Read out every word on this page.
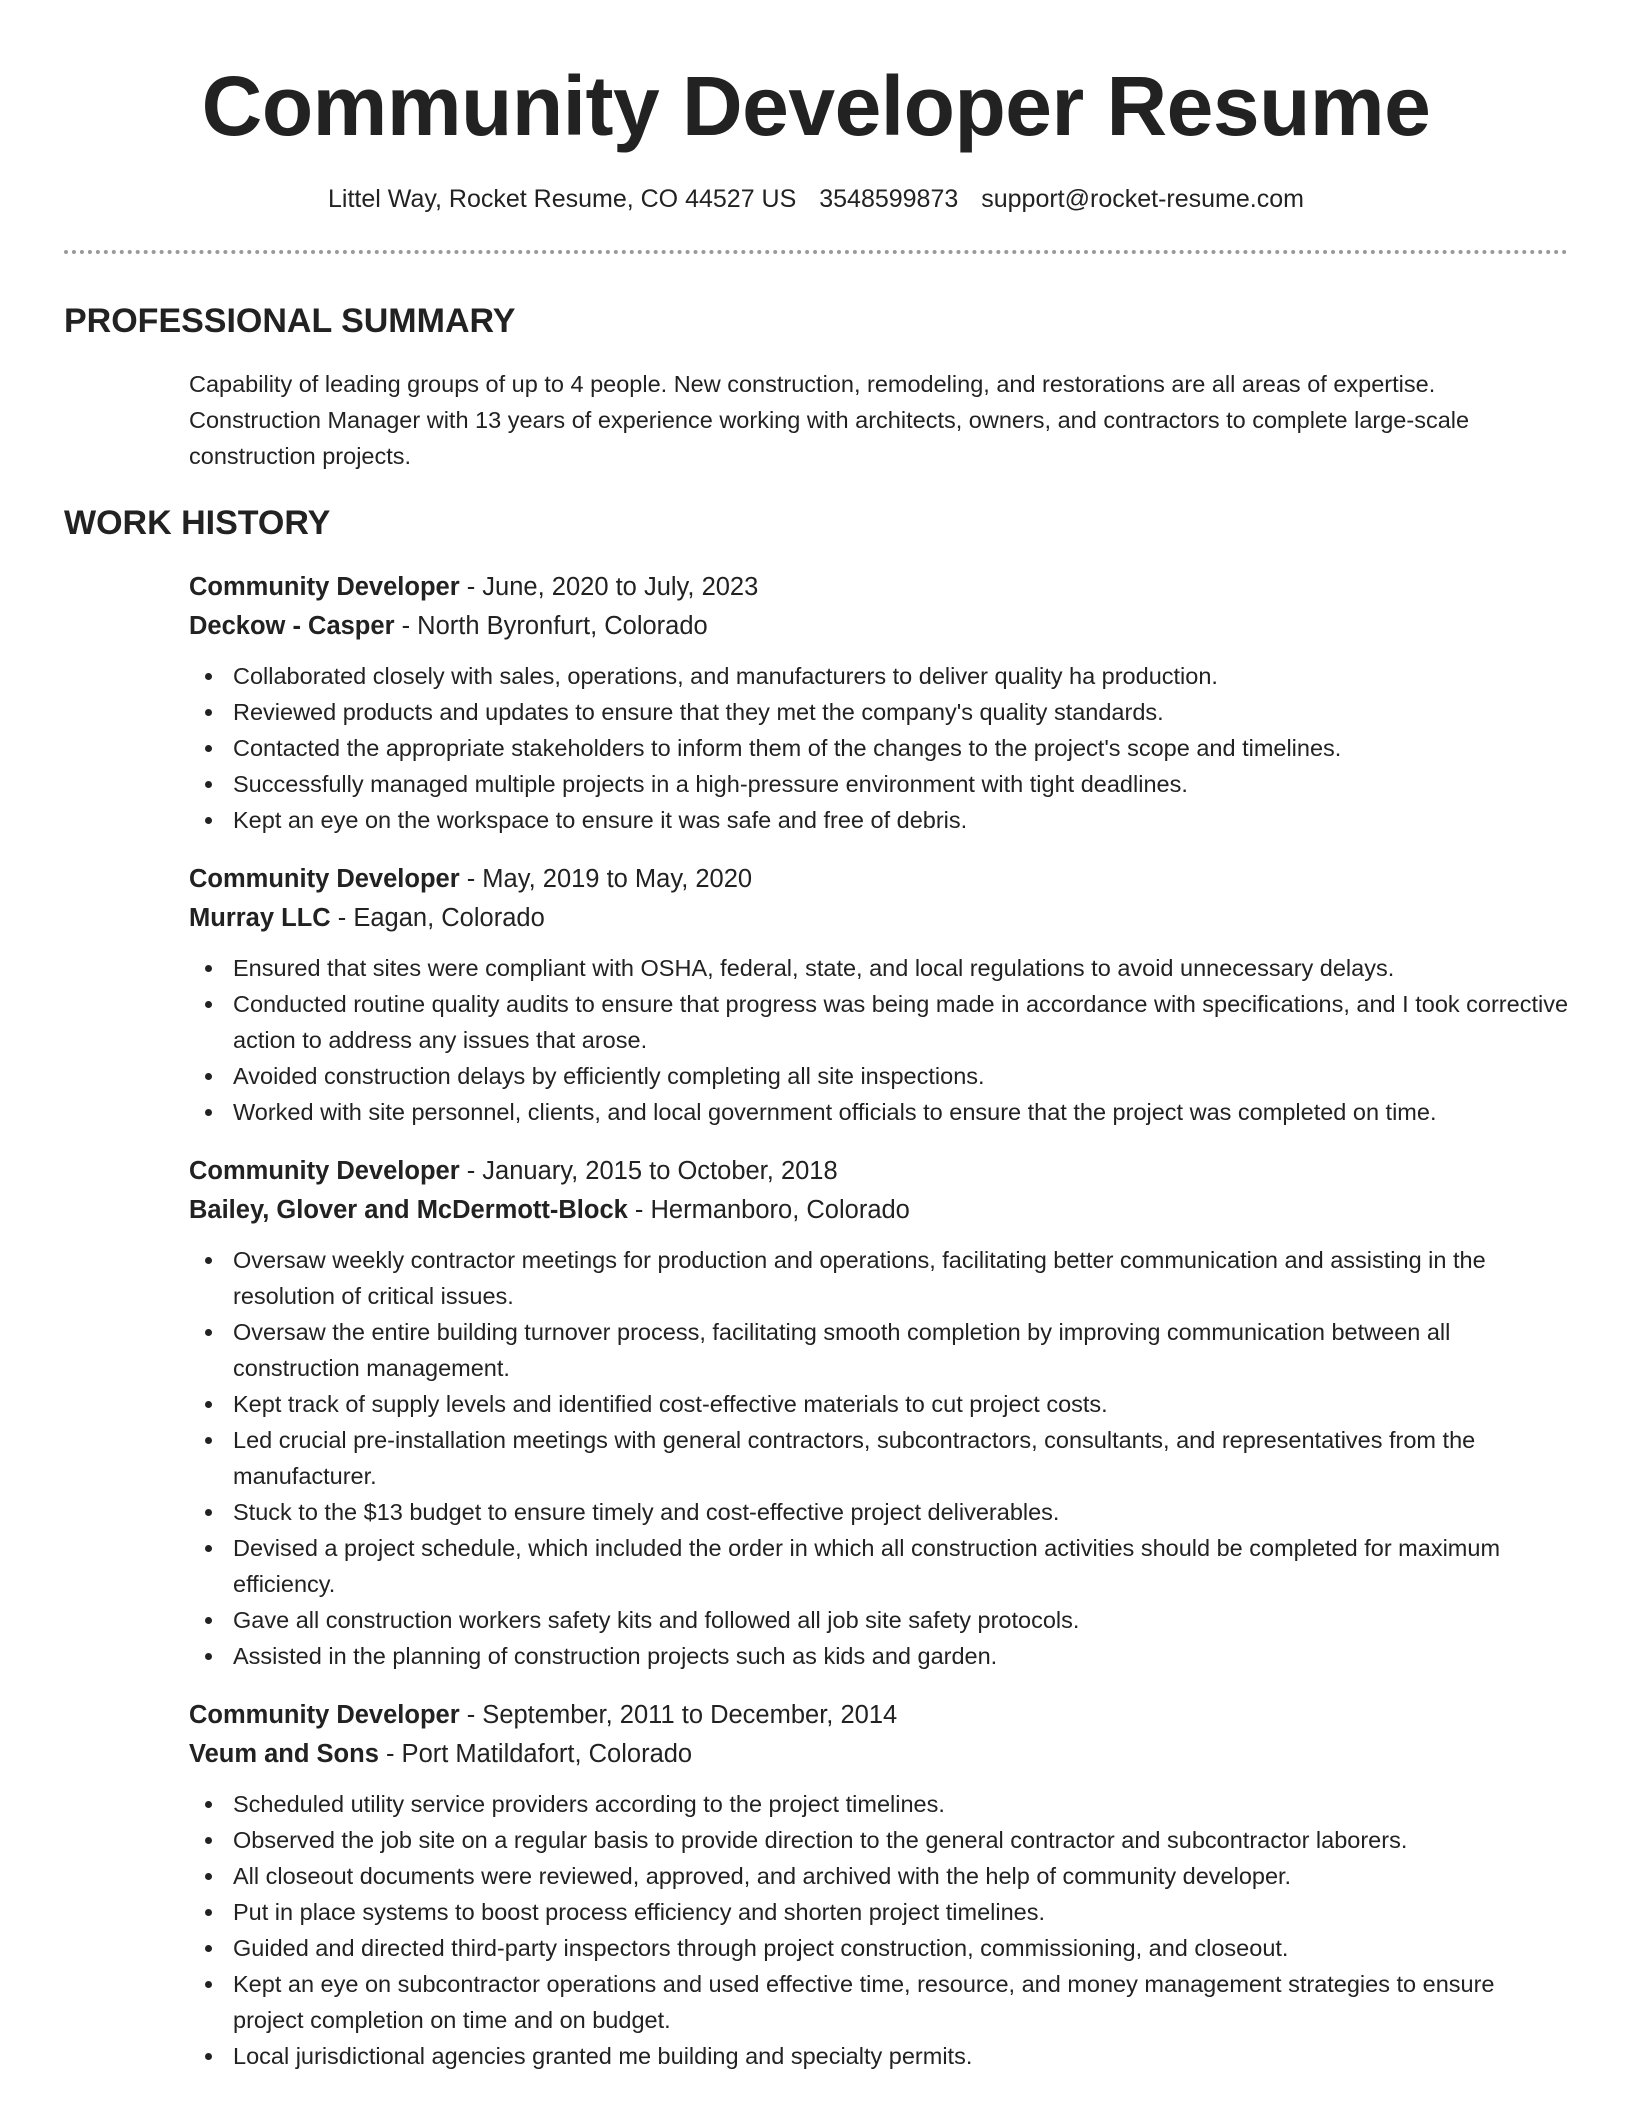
Community Developer Resume
Littel Way, Rocket Resume, CO 44527 US 3548599873 support@rocket-resume.com
PROFESSIONAL SUMMARY

Capability of leading groups of up to 4 people. New construction, remodeling, and restorations are all areas of expertise. Construction Manager with 13 years of experience working with architects, owners, and contractors to complete large-scale construction projects.

WORK HISTORY
Community Developer - June, 2020 to July, 2023
Deckow - Casper - North Byronfurt, Colorado
Collaborated closely with sales, operations, and manufacturers to deliver quality ha production.
Reviewed products and updates to ensure that they met the company's quality standards.
Contacted the appropriate stakeholders to inform them of the changes to the project's scope and timelines.
Successfully managed multiple projects in a high-pressure environment with tight deadlines.
Kept an eye on the workspace to ensure it was safe and free of debris.
Community Developer - May, 2019 to May, 2020
Murray LLC - Eagan, Colorado
Ensured that sites were compliant with OSHA, federal, state, and local regulations to avoid unnecessary delays.
Conducted routine quality audits to ensure that progress was being made in accordance with specifications, and I took corrective action to address any issues that arose.
Avoided construction delays by efficiently completing all site inspections.
Worked with site personnel, clients, and local government officials to ensure that the project was completed on time.
Community Developer - January, 2015 to October, 2018
Bailey, Glover and McDermott-Block - Hermanboro, Colorado
Oversaw weekly contractor meetings for production and operations, facilitating better communication and assisting in the resolution of critical issues.
Oversaw the entire building turnover process, facilitating smooth completion by improving communication between all construction management.
Kept track of supply levels and identified cost-effective materials to cut project costs.
Led crucial pre-installation meetings with general contractors, subcontractors, consultants, and representatives from the manufacturer.
Stuck to the $13 budget to ensure timely and cost-effective project deliverables.
Devised a project schedule, which included the order in which all construction activities should be completed for maximum efficiency.
Gave all construction workers safety kits and followed all job site safety protocols.
Assisted in the planning of construction projects such as kids and garden.
Community Developer - September, 2011 to December, 2014
Veum and Sons - Port Matildafort, Colorado
Scheduled utility service providers according to the project timelines.
Observed the job site on a regular basis to provide direction to the general contractor and subcontractor laborers.
All closeout documents were reviewed, approved, and archived with the help of community developer.
Put in place systems to boost process efficiency and shorten project timelines.
Guided and directed third-party inspectors through project construction, commissioning, and closeout.
Kept an eye on subcontractor operations and used effective time, resource, and money management strategies to ensure project completion on time and on budget.
Local jurisdictional agencies granted me building and specialty permits.
